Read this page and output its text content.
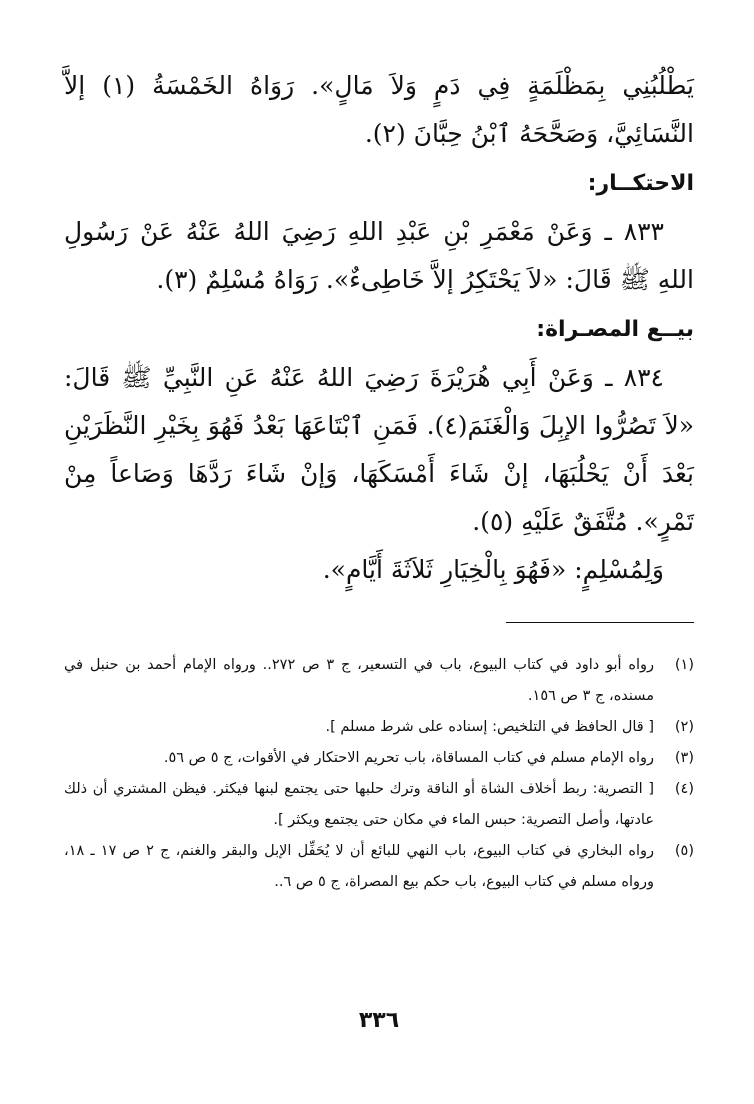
يَطْلُبُنِي بِمَظْلَمَةٍ فِي دَمٍ وَلاَ مَالٍ». رَوَاهُ الخَمْسَةُ (١) إلاَّ النَّسَائِيَّ، وَصَحَّحَهُ ٱبْنُ حِبَّانَ (٢).

الاحتكــار:

٨٣٣ ـ وَعَنْ مَعْمَرِ بْنِ عَبْدِ اللهِ رَضِيَ اللهُ عَنْهُ عَنْ رَسُولِ اللهِ ﷺ قَالَ: «لاَ يَحْتَكِرُ إلاَّ خَاطِىءٌ». رَوَاهُ مُسْلِمٌ (٣).

بيــع المصـراة:

٨٣٤ ـ وَعَنْ أَبِي هُرَيْرَةَ رَضِيَ اللهُ عَنْهُ عَنِ النَّبِيِّ ﷺ قَالَ: «لاَ تَصُرُّوا الإبِلَ وَالْغَنَمَ(٤). فَمَنِ ٱبْتَاعَهَا بَعْدُ فَهُوَ بِخَيْرِ النَّظَرَيْنِ بَعْدَ أَنْ يَحْلُبَهَا، إنْ شَاءَ أَمْسَكَهَا، وَإنْ شَاءَ رَدَّهَا وَصَاعاً مِنْ تَمْرٍ». مُتَّفَقٌ عَلَيْهِ (٥).

وَلِمُسْلِمٍ: «فَهُوَ بِالْخِيَارِ ثَلاَثَةَ أَيَّامٍ».

(١)
رواه أبو داود في كتاب البيوع، باب في التسعير، ج ٣ ص ٢٧٢.. ورواه الإمام أحمد بن حنبل في مسنده، ج ٣ ص ١٥٦.
(٢)
[ قال الحافظ في التلخيص: إسناده على شرط مسلم ].
(٣)
رواه الإمام مسلم في كتاب المساقاة، باب تحريم الاحتكار في الأقوات، ج ٥ ص ٥٦.
(٤)
[ التصرية: ربط أخلاف الشاة أو الناقة وترك حلبها حتى يجتمع لبنها فيكثر. فيظن المشتري أن ذلك عادتها، وأصل التصرية: حبس الماء في مكان حتى يجتمع ويكثر ].
(٥)
رواه البخاري في كتاب البيوع، باب النهي للبائع أن لا يُحَفِّل الإبل والبقر والغنم، ج ٢ ص ١٧ ـ ١٨، ورواه مسلم في كتاب البيوع، باب حكم بيع المصراة، ج ٥ ص ٦..
٣٣٦
